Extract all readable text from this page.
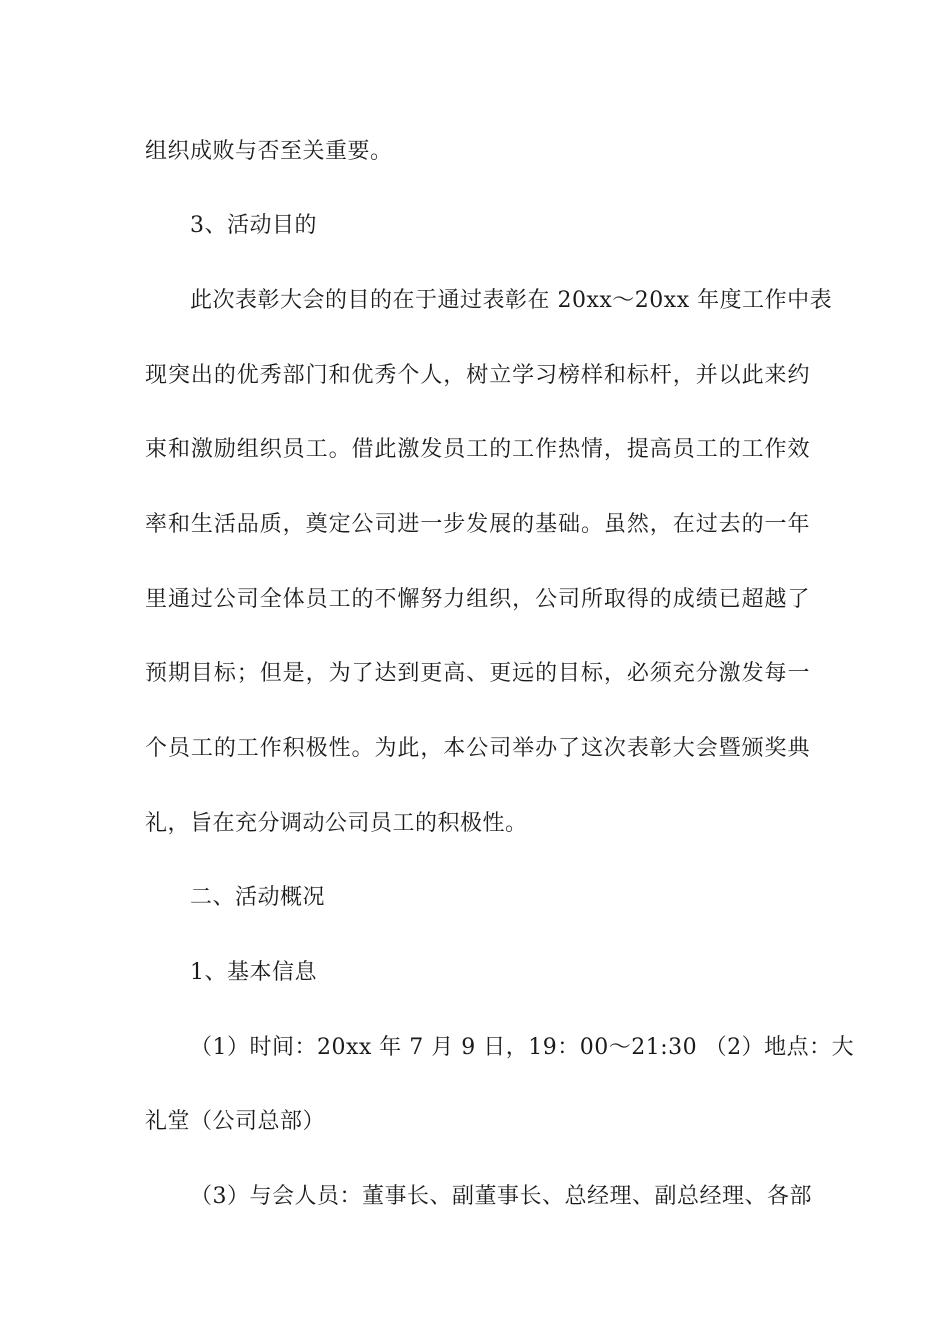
组织成败与否至关重要。
3、活动目的
此次表彰大会的目的在于通过表彰在 20xx～20xx 年度工作中表
现突出的优秀部门和优秀个人，树立学习榜样和标杆，并以此来约
束和激励组织员工。借此激发员工的工作热情，提高员工的工作效
率和生活品质，奠定公司进一步发展的基础。虽然，在过去的一年
里通过公司全体员工的不懈努力组织，公司所取得的成绩已超越了
预期目标；但是，为了达到更高、更远的目标，必须充分激发每一
个员工的工作积极性。为此，本公司举办了这次表彰大会暨颁奖典
礼，旨在充分调动公司员工的积极性。
二、活动概况
1、基本信息
（1）时间：20xx 年 7 月 9 日，19：00～21:30 （2）地点：大
礼堂（公司总部）
（3）与会人员：董事长、副董事长、总经理、副总经理、各部
